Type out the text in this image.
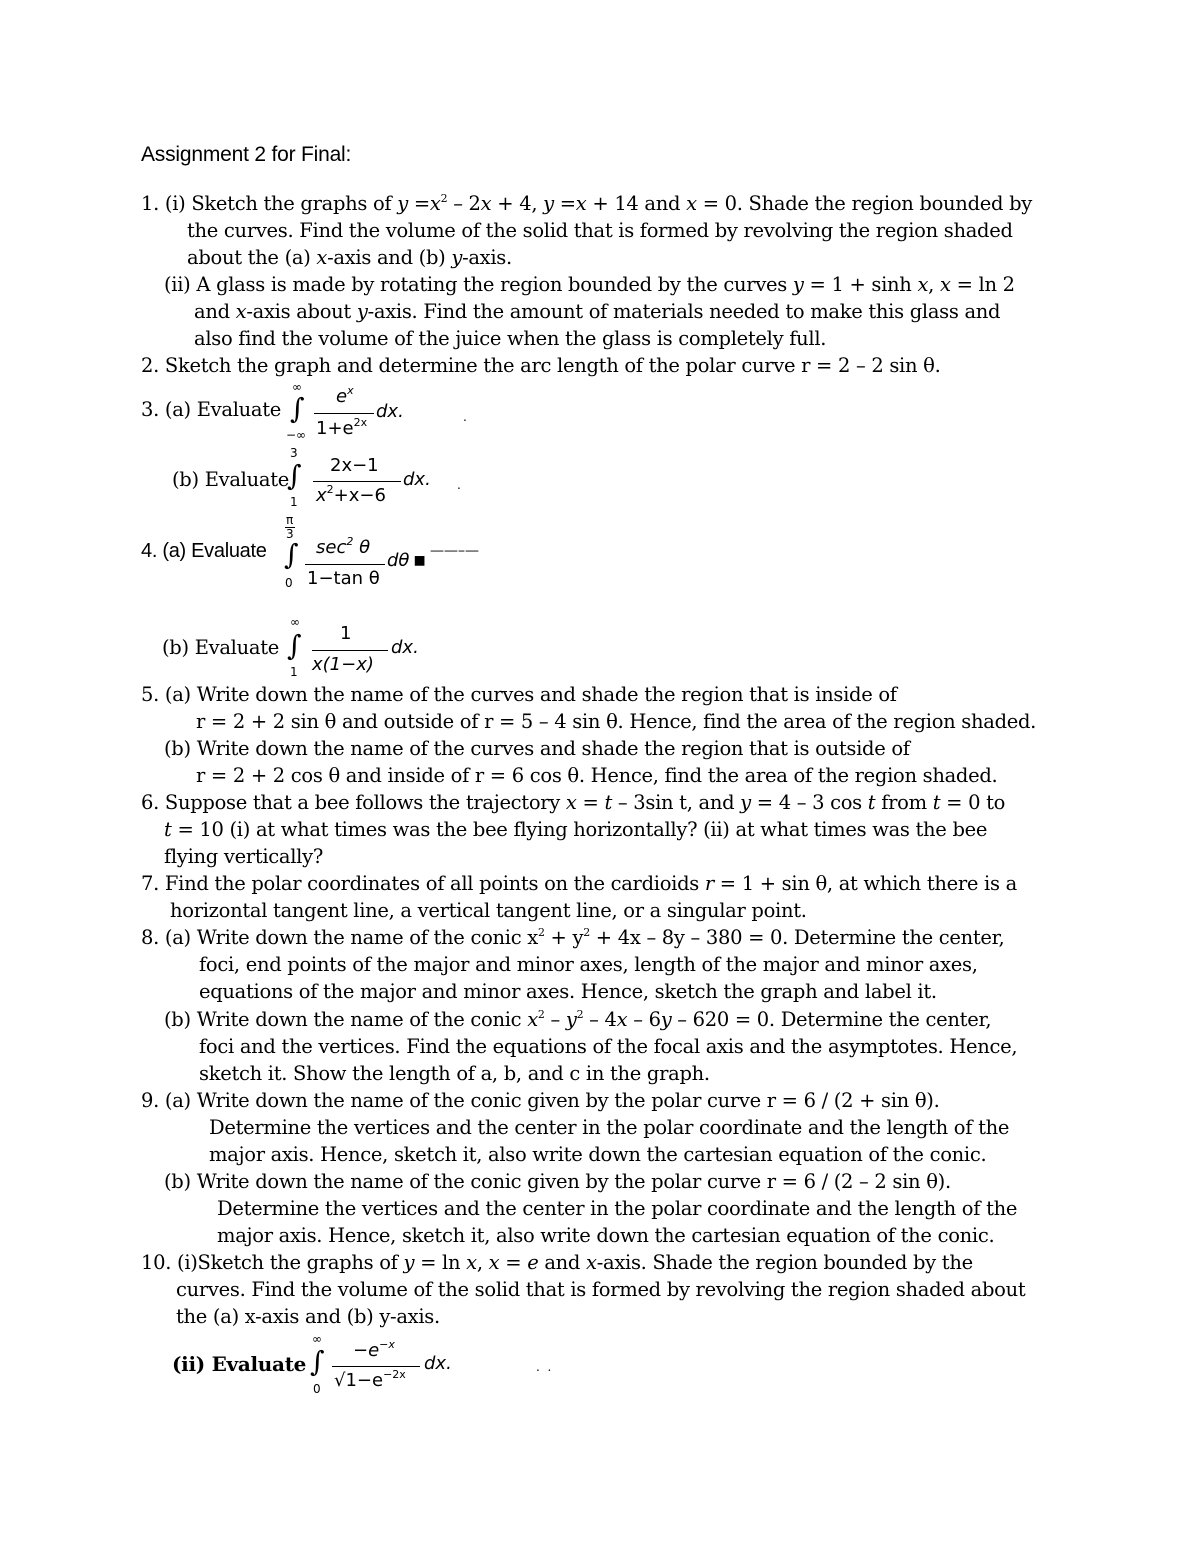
Assignment 2 for Final:
1. (i) Sketch the graphs of $y =x^2 - 2x + 4$, y =x + 14 and x = 0. Shade the region bounded by
the curves. Find the volume of the solid that is formed by revolving the region shaded
about the (a) x-axis and (b) y-axis.
(ii) A glass is made by rotating the region bounded by the curves y = 1 + sinh x, x = ln 2
and x-axis about y-axis. Find the amount of materials needed to make this glass and
also find the volume of the juice when the glass is completely full.
2. Sketch the graph and determine the arc length of the polar curve r = 2 – 2 sin θ.
5. (a) Write down the name of the curves and shade the region that is inside of
r = 2 + 2 sin θ and outside of r = 5 – 4 sin θ. Hence, find the area of the region shaded.
(b) Write down the name of the curves and shade the region that is outside of
r = 2 + 2 cos θ and inside of r = 6 cos θ. Hence, find the area of the region shaded.
6. Suppose that a bee follows the trajectory x = t – 3sin t, and y = 4 – 3 cos t from t = 0 to
t = 10 (i) at what times was the bee flying horizontally? (ii) at what times was the bee
flying vertically?
7. Find the polar coordinates of all points on the cardioids r = 1 + sin θ, at which there is a
horizontal tangent line, a vertical tangent line, or a singular point.
8. (a) Write down the name of the conic $x^2 + y^2 + 4x - 8y - 380 = 0$. Determine the center,
foci, end points of the major and minor axes, length of the major and minor axes,
equations of the major and minor axes. Hence, sketch the graph and label it.
(b) Write down the name of the conic $x^2 - y^2 - 4x - 6y - 620 = 0$. Determine the center,
foci and the vertices. Find the equations of the focal axis and the asymptotes. Hence,
sketch it. Show the length of a, b, and c in the graph.
9. (a) Write down the name of the conic given by the polar curve r = 6 / (2 + sin θ).
Determine the vertices and the center in the polar coordinate and the length of the
major axis. Hence, sketch it, also write down the cartesian equation of the conic.
(b) Write down the name of the conic given by the polar curve r = 6 / (2 – 2 sin θ).
Determine the vertices and the center in the polar coordinate and the length of the
major axis. Hence, sketch it, also write down the cartesian equation of the conic.
10. (i)Sketch the graphs of y = ln x, x = e and x-axis. Shade the region bounded by the
curves. Find the volume of the solid that is formed by revolving the region shaded about
the (a) x-axis and (b) y-axis.
3. (a) Evaluate
∞
∫
−∞
$e^x$
$1+e^{2x}$
dx.	.
(b) Evaluate
3
∫
1
2x−1
$x^2+x-6$
dx. .
4. (a) Evaluate
π
3
∫
0
$\sec^2 \theta$
1−tan θ
dθ ▪ ——–—
(b) Evaluate
∞
∫
1
1
x(1−x)
dx.
(ii) Evaluate
∞
∫
0
$-e^{-x}$
$√1-e^{-2x}$
dx.	.  .
